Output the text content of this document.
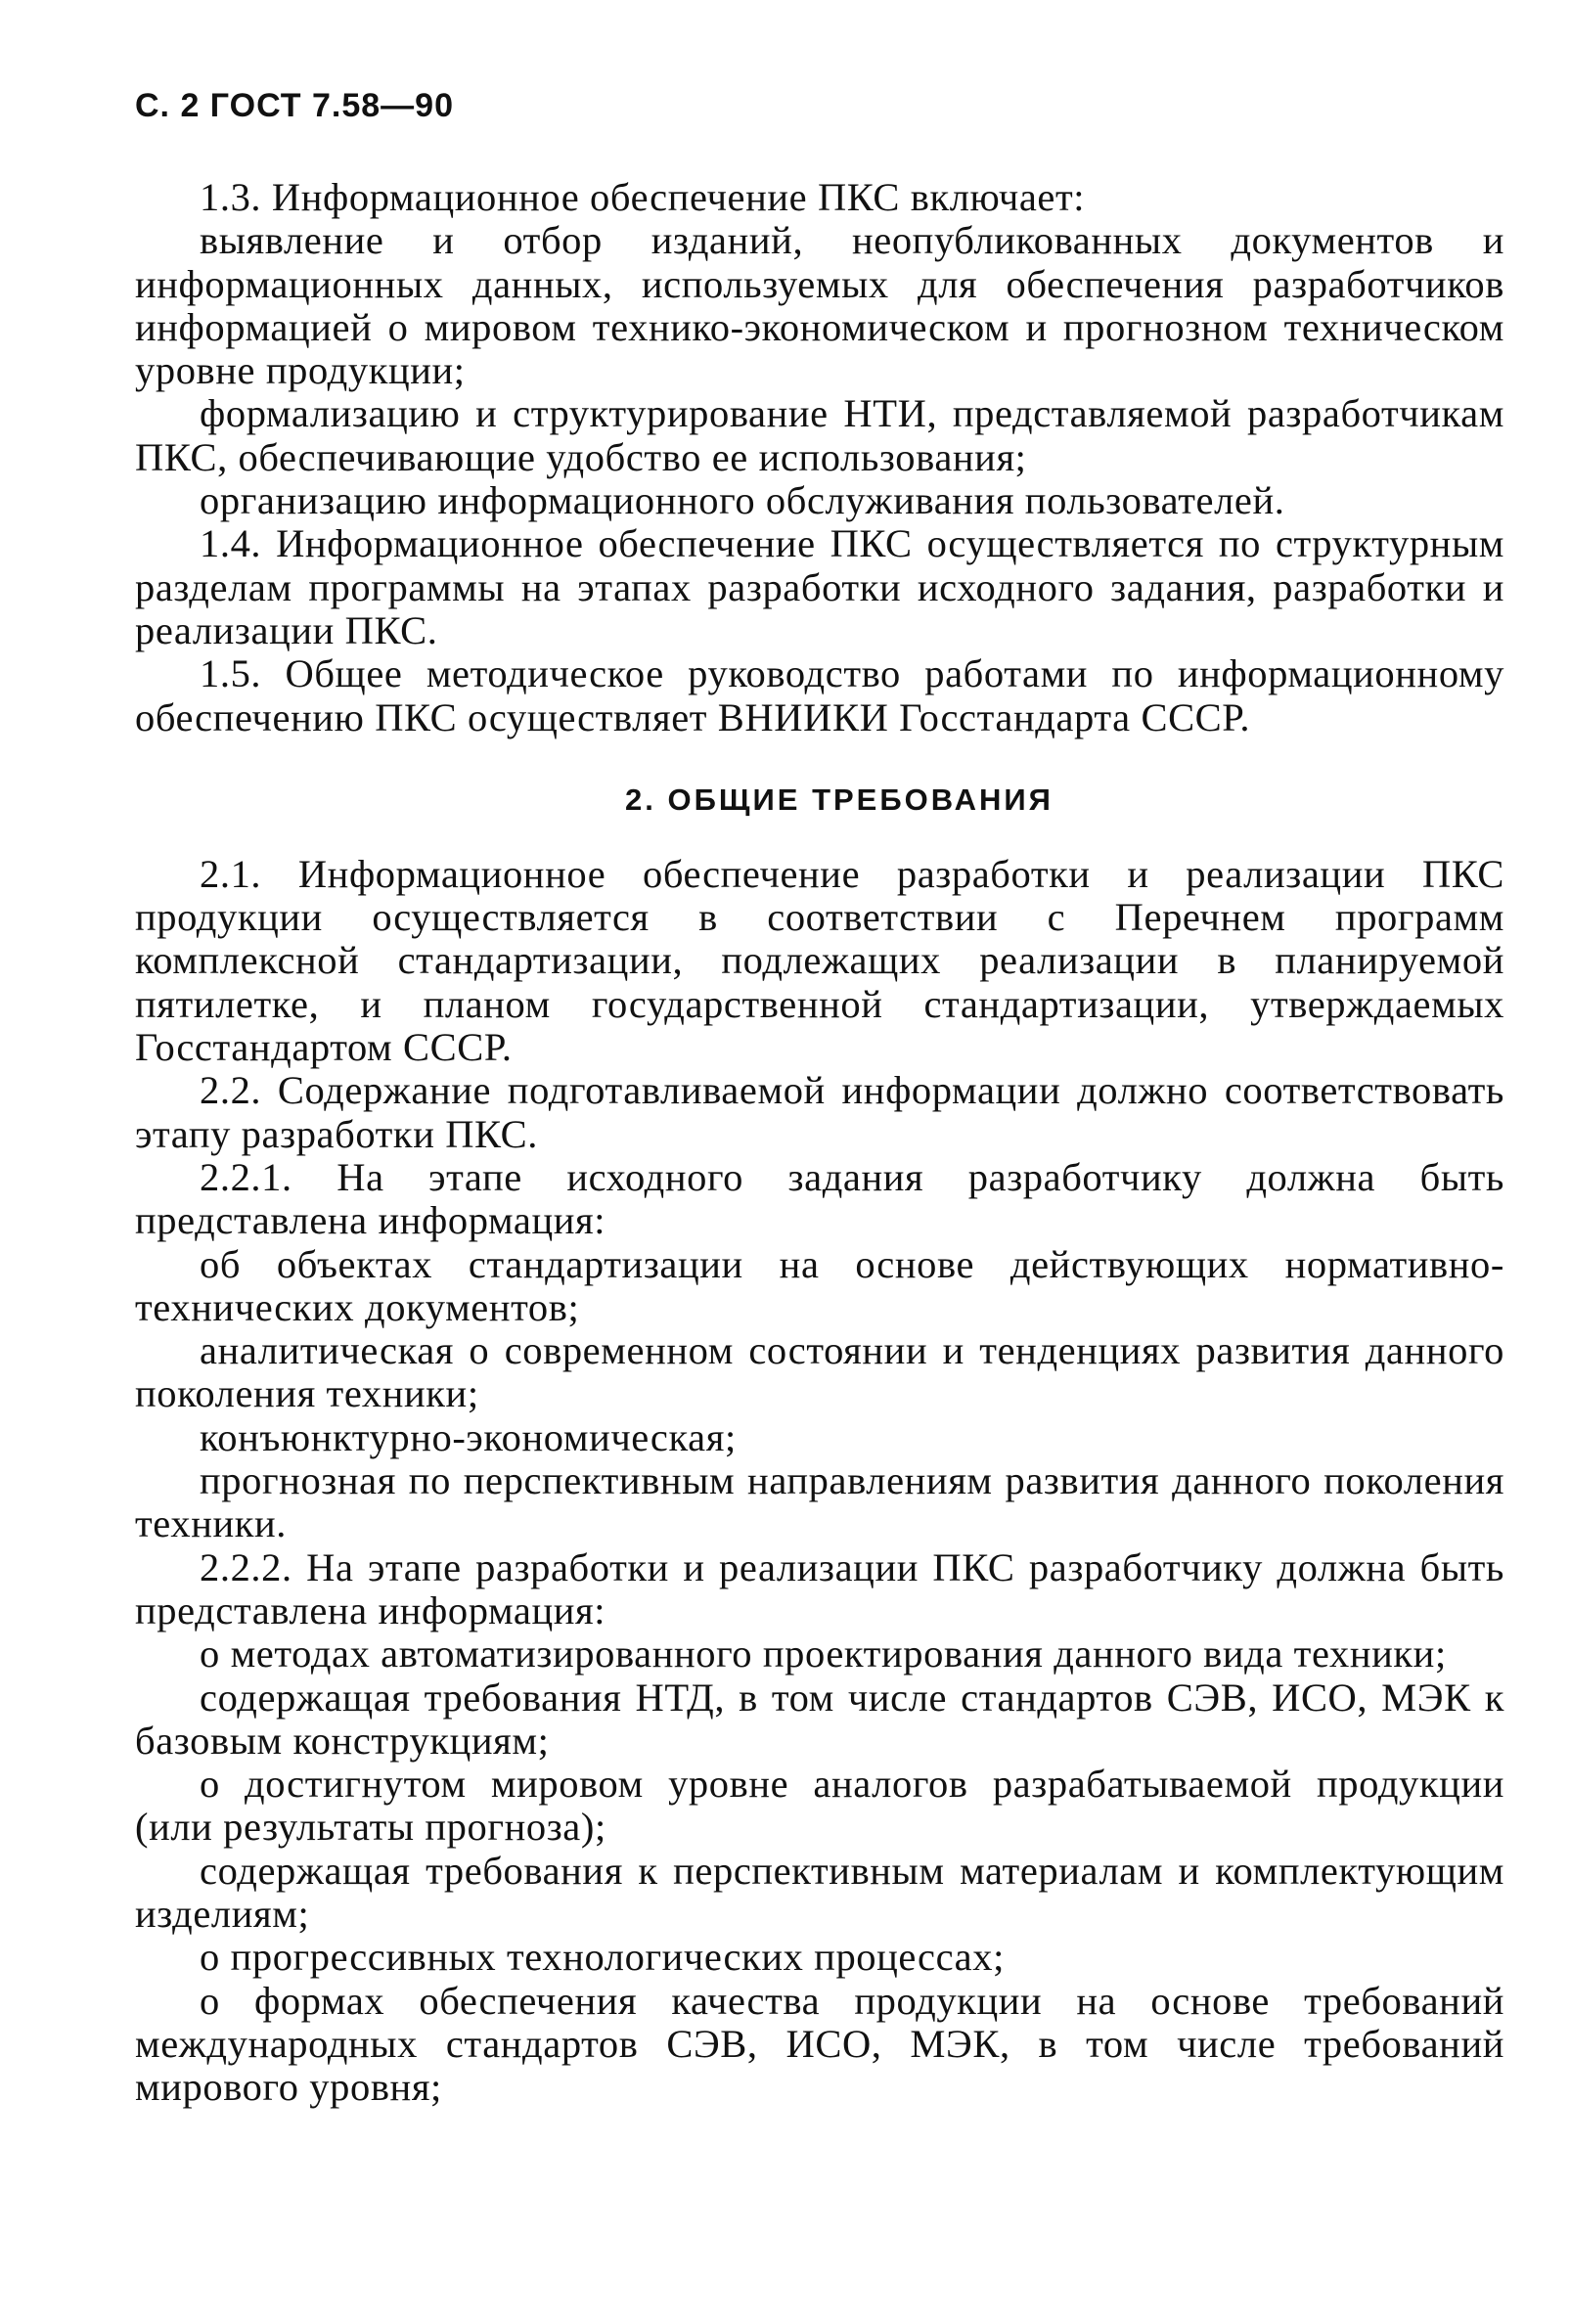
С. 2 ГОСТ 7.58—90

1.3. Информационное обеспечение ПКС включает:

выявление и отбор изданий, неопубликованных документов и информационных данных, используемых для обеспечения разработчиков информацией о мировом технико-экономическом и прогнозном техническом уровне продукции;

формализацию и структурирование НТИ, представляемой разработчикам ПКС, обеспечивающие удобство ее использования;

организацию информационного обслуживания пользователей.

1.4. Информационное обеспечение ПКС осуществляется по структурным разделам программы на этапах разработки исходного задания, разработки и реализации ПКС.

1.5. Общее методическое руководство работами по информационному обеспечению ПКС осуществляет ВНИИКИ Госстандарта СССР.

2. ОБЩИЕ ТРЕБОВАНИЯ

2.1. Информационное обеспечение разработки и реализации ПКС продукции осуществляется в соответствии с Перечнем программ комплексной стандартизации, подлежащих реализации в планируемой пятилетке, и планом государственной стандартизации, утверждаемых Госстандартом СССР.

2.2. Содержание подготавливаемой информации должно соответствовать этапу разработки ПКС.

2.2.1. На этапе исходного задания разработчику должна быть представлена информация:

об объектах стандартизации на основе действующих нормативно-технических документов;

аналитическая о современном состоянии и тенденциях развития данного поколения техники;

конъюнктурно-экономическая;

прогнозная по перспективным направлениям развития данного поколения техники.

2.2.2. На этапе разработки и реализации ПКС разработчику должна быть представлена информация:

о методах автоматизированного проектирования данного вида техники;

содержащая требования НТД, в том числе стандартов СЭВ, ИСО, МЭК к базовым конструкциям;

о достигнутом мировом уровне аналогов разрабатываемой продукции (или результаты прогноза);

содержащая требования к перспективным материалам и комплектующим изделиям;

о прогрессивных технологических процессах;

о формах обеспечения качества продукции на основе требований международных стандартов СЭВ, ИСО, МЭК, в том числе требований мирового уровня;
